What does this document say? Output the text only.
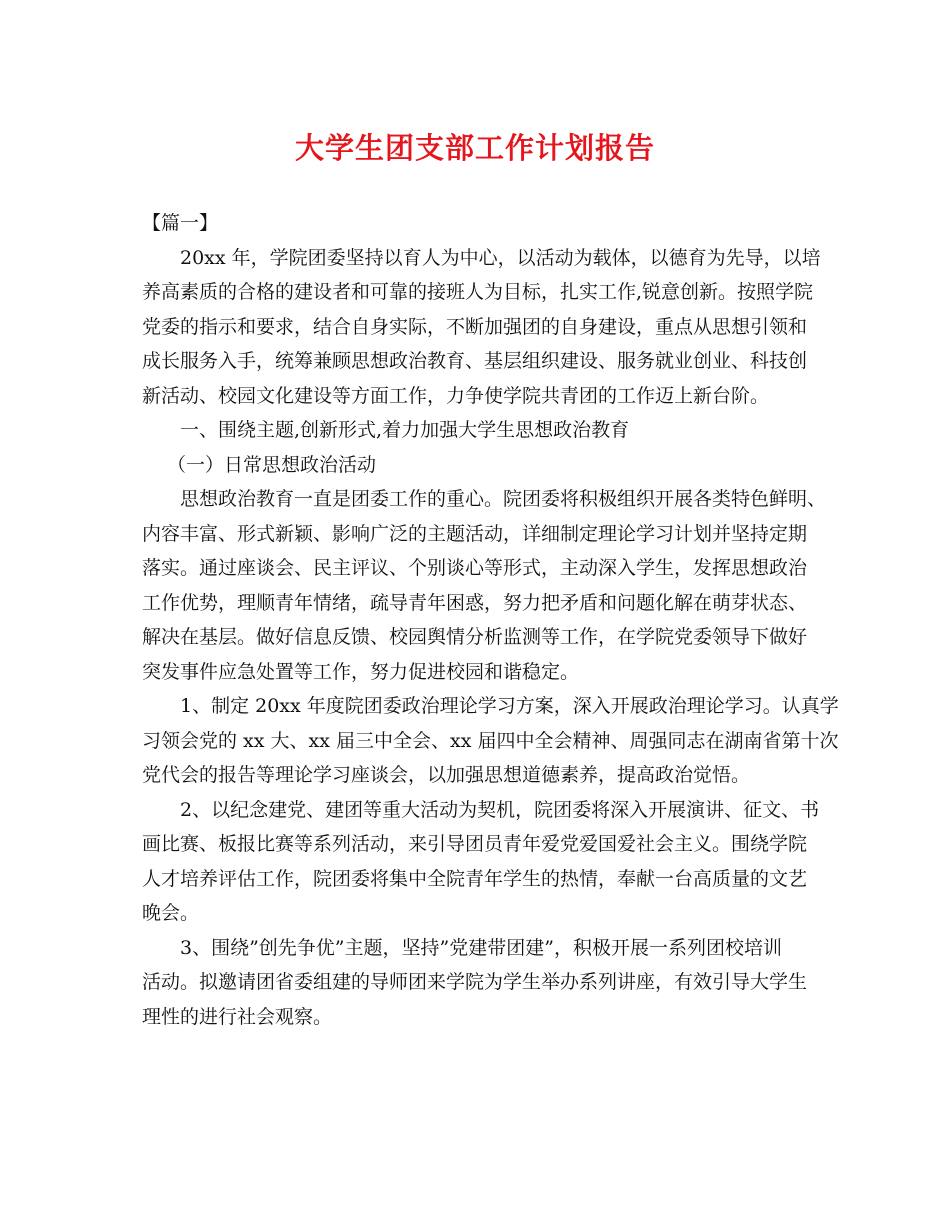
大学生团支部工作计划报告

【篇一】

20xx 年，学院团委坚持以育人为中心，以活动为载体，以德育为先导，以培

养高素质的合格的建设者和可靠的接班人为目标，扎实工作,锐意创新。按照学院

党委的指示和要求，结合自身实际，不断加强团的自身建设，重点从思想引领和

成长服务入手，统筹兼顾思想政治教育、基层组织建设、服务就业创业、科技创

新活动、校园文化建设等方面工作，力争使学院共青团的工作迈上新台阶。

一、围绕主题,创新形式,着力加强大学生思想政治教育

（一）日常思想政治活动

思想政治教育一直是团委工作的重心。院团委将积极组织开展各类特色鲜明、

内容丰富、形式新颖、影响广泛的主题活动，详细制定理论学习计划并坚持定期

落实。通过座谈会、民主评议、个别谈心等形式，主动深入学生，发挥思想政治

工作优势，理顺青年情绪，疏导青年困惑，努力把矛盾和问题化解在萌芽状态、

解决在基层。做好信息反馈、校园舆情分析监测等工作，在学院党委领导下做好

突发事件应急处置等工作，努力促进校园和谐稳定。

1、制定 20xx 年度院团委政治理论学习方案，深入开展政治理论学习。认真学

习领会党的 xx 大、xx 届三中全会、xx 届四中全会精神、周强同志在湖南省第十次

党代会的报告等理论学习座谈会，以加强思想道德素养，提高政治觉悟。

2、以纪念建党、建团等重大活动为契机，院团委将深入开展演讲、征文、书

画比赛、板报比赛等系列活动，来引导团员青年爱党爱国爱社会主义。围绕学院

人才培养评估工作，院团委将集中全院青年学生的热情，奉献一台高质量的文艺

晚会。

3、围绕”创先争优”主题，坚持”党建带团建”，积极开展一系列团校培训

活动。拟邀请团省委组建的导师团来学院为学生举办系列讲座，有效引导大学生

理性的进行社会观察。
